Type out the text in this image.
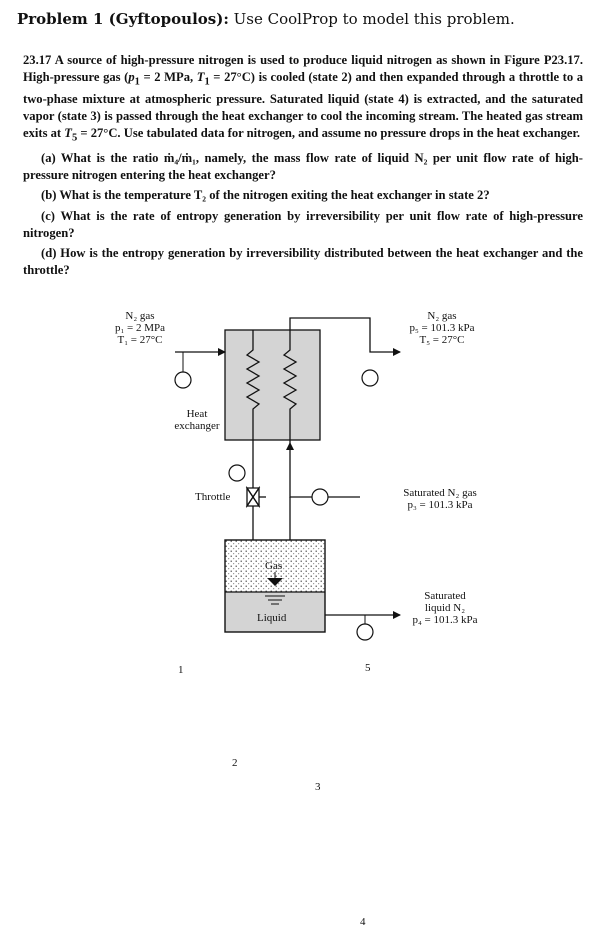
Problem 1 (Gyftopoulos): Use CoolProp to model this problem.

23.17 A source of high-pressure nitrogen is used to produce liquid nitrogen as shown in Figure P23.17. High-pressure gas ($p_1 = 2$ MPa, $T_1 = 27^\circ C$) is cooled (state 2) and then expanded through a throttle to a two-phase mixture at atmospheric pressure. Saturated liquid (state 4) is extracted, and the saturated vapor (state 3) is passed through the heat exchanger to cool the incoming stream. The heated gas stream exits at $T_5 = 27^\circ C$. Use tabulated data for nitrogen, and assume no pressure drops in the heat exchanger.

(a) What is the ratio ṁ₄/ṁ₁, namely, the mass flow rate of liquid N₂ per unit flow rate of high-pressure nitrogen entering the heat exchanger?

(b) What is the temperature T₂ of the nitrogen exiting the heat exchanger in state 2?

(c) What is the rate of entropy generation by irreversibility per unit flow rate of high-pressure nitrogen?

(d) How is the entropy generation by irreversibility distributed between the heat exchanger and the throttle?

1
2
3
4
5
N₂ gas
p₁ = 2 MPa
T₁ = 27°C
N₂ gas
p₅ = 101.3 kPa
T₅ = 27°C
Heat
exchanger
Throttle
Gas
Liquid
Saturated N₂ gas
p₃ = 101.3 kPa
Saturated
liquid N₂
p₄ = 101.3 kPa
